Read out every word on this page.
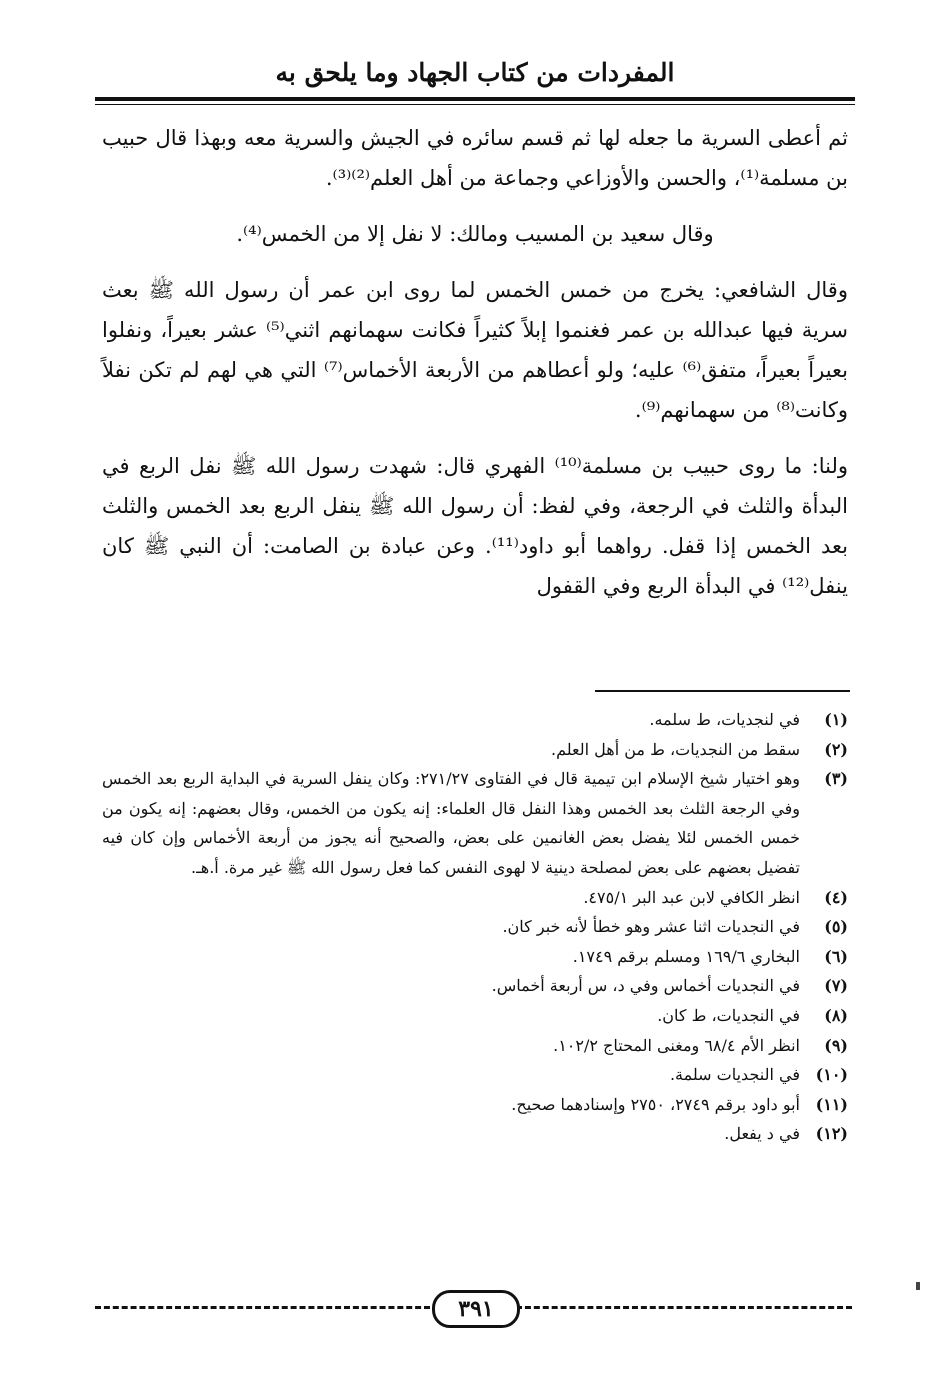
المفردات من كتاب الجهاد وما يلحق به

ثم أعطى السرية ما جعله لها ثم قسم سائره في الجيش والسرية معه وبهذا قال حبيب بن مسلمة⁽¹⁾، والحسن والأوزاعي وجماعة من أهل العلم⁽²⁾⁽³⁾.

وقال سعيد بن المسيب ومالك: لا نفل إلا من الخمس⁽⁴⁾.

وقال الشافعي: يخرج من خمس الخمس لما روى ابن عمر أن رسول الله ﷺ بعث سرية فيها عبدالله بن عمر فغنموا إبلاً كثيراً فكانت سهمانهم اثني⁽⁵⁾ عشر بعيراً، ونفلوا بعيراً بعيراً، متفق⁽⁶⁾ عليه؛ ولو أعطاهم من الأربعة الأخماس⁽⁷⁾ التي هي لهم لم تكن نفلاً وكانت⁽⁸⁾ من سهمانهم⁽⁹⁾.

ولنا: ما روى حبيب بن مسلمة⁽¹⁰⁾ الفهري قال: شهدت رسول الله ﷺ نفل الربع في البدأة والثلث في الرجعة، وفي لفظ: أن رسول الله ﷺ ينفل الربع بعد الخمس والثلث بعد الخمس إذا قفل. رواهما أبو داود⁽¹¹⁾. وعن عبادة بن الصامت: أن النبي ﷺ كان ينفل⁽¹²⁾ في البدأة الربع وفي القفول

(١)
في لنجديات، ط سلمه.
(٢)
سقط من النجديات، ط من أهل العلم.
(٣)
وهو اختيار شيخ الإسلام ابن تيمية قال في الفتاوى ٢٧١/٢٧: وكان ينفل السرية في البداية الربع بعد الخمس وفي الرجعة الثلث بعد الخمس وهذا النفل قال العلماء: إنه يكون من الخمس، وقال بعضهم: إنه يكون من خمس الخمس لئلا يفضل بعض الغانمين على بعض، والصحيح أنه يجوز من أربعة الأخماس وإن كان فيه تفضيل بعضهم على بعض لمصلحة دينية لا لهوى النفس كما فعل رسول الله ﷺ غير مرة. أ.هـ.
(٤)
انظر الكافي لابن عبد البر ٤٧٥/١.
(٥)
في النجديات اثنا عشر وهو خطأ لأنه خبر كان.
(٦)
البخاري ١٦٩/٦ ومسلم برقم ١٧٤٩.
(٧)
في النجديات أخماس وفي د، س أربعة أخماس.
(٨)
في النجديات، ط كان.
(٩)
انظر الأم ٦٨/٤ ومغنى المحتاج ١٠٢/٢.
(١٠)
في النجديات سلمة.
(١١)
أبو داود برقم ٢٧٤٩، ٢٧٥٠ وإسنادهما صحيح.
(١٢)
في د يفعل.
٣٩١
